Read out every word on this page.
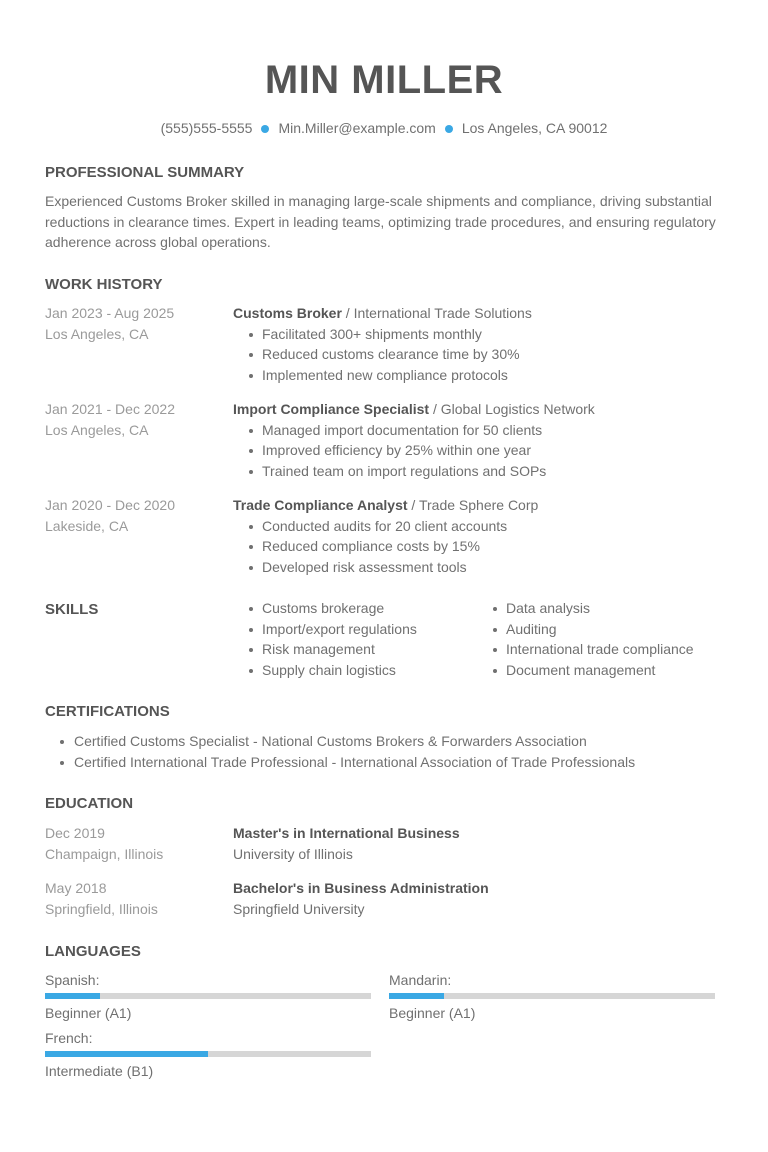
MIN MILLER
(555)555-5555 Min.Miller@example.com Los Angeles, CA 90012
PROFESSIONAL SUMMARY
Experienced Customs Broker skilled in managing large-scale shipments and compliance, driving substantial reductions in clearance times. Expert in leading teams, optimizing trade procedures, and ensuring regulatory adherence across global operations.
WORK HISTORY
Jan 2023 - Aug 2025
Los Angeles, CA
Customs Broker / International Trade Solutions
Facilitated 300+ shipments monthly
Reduced customs clearance time by 30%
Implemented new compliance protocols
Jan 2021 - Dec 2022
Los Angeles, CA
Import Compliance Specialist / Global Logistics Network
Managed import documentation for 50 clients
Improved efficiency by 25% within one year
Trained team on import regulations and SOPs
Jan 2020 - Dec 2020
Lakeside, CA
Trade Compliance Analyst / Trade Sphere Corp
Conducted audits for 20 client accounts
Reduced compliance costs by 15%
Developed risk assessment tools
SKILLS	Customs brokerage
Import/export regulations
Risk management
Supply chain logistics
Data analysis
Auditing
International trade compliance
Document management
CERTIFICATIONS
Certified Customs Specialist - National Customs Brokers & Forwarders Association
Certified International Trade Professional - International Association of Trade Professionals
EDUCATION
Dec 2019
Champaign, Illinois
Master's in International Business
University of Illinois
May 2018
Springfield, Illinois
Bachelor's in Business Administration
Springfield University
LANGUAGES
Spanish:
Beginner (A1)
Mandarin:
Beginner (A1)
French:
Intermediate (B1)
